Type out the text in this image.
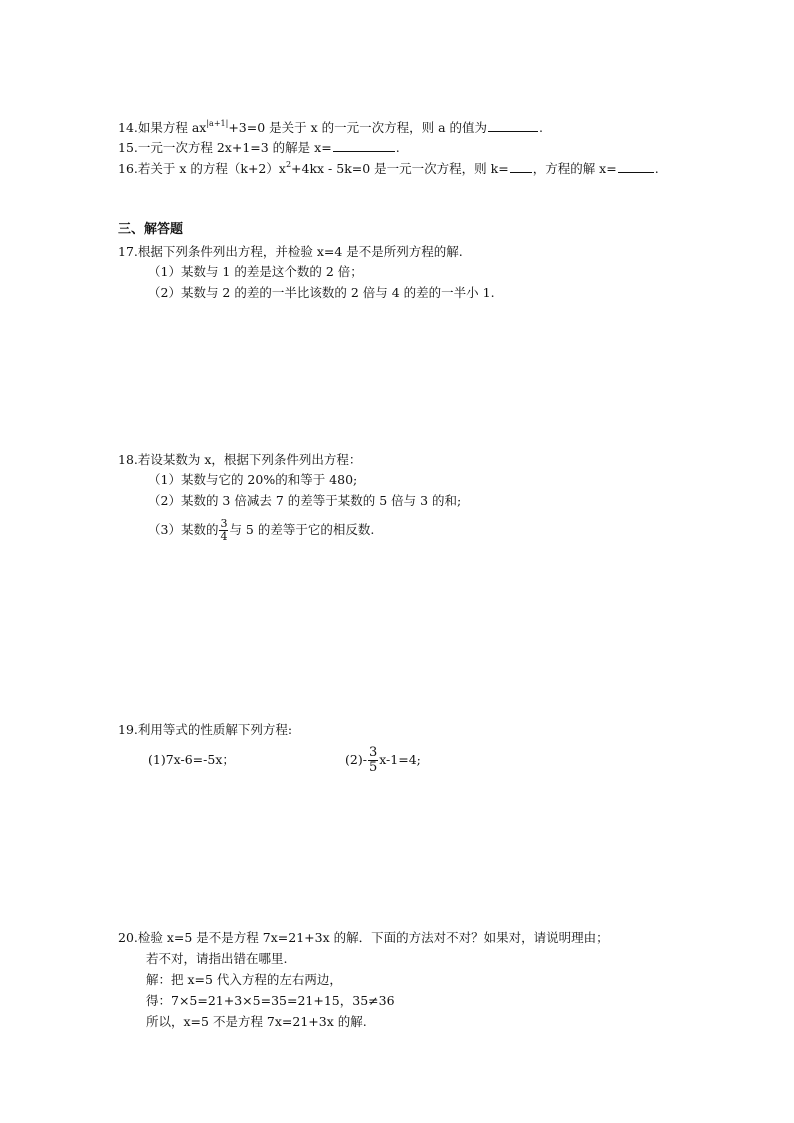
14.如果方程 $ax^{|a+1|}+3=0$ 是关于 x 的一元一次方程，则 a 的值为	.
15.一元一次方程 2x+1=3 的解是 x=	.
16.若关于 x 的方程$(k+2)x^2+4kx - 5k=0$ 是一元一次方程，则 k= ，方程的解 x=	.
三、解答题
17.根据下列条件列出方程，并检验 x=4 是不是所列方程的解.
（1）某数与 1 的差是这个数的 2 倍；
（2）某数与 2 的差的一半比该数的 2 倍与 4 的差的一半小 1.
18.若设某数为 x，根据下列条件列出方程：
（1）某数与它的 20%的和等于 480;
（2）某数的 3 倍减去 7 的差等于某数的 5 倍与 3 的和;
（3）某数的 $\frac{3}{4}$ 与 5 的差等于它的相反数.
19.利用等式的性质解下列方程:
(1)7x-6=-5x；	$(2)- \frac{3}{5} x-1=4$;
20.检验 x=5 是不是方程 7x=21+3x 的解．下面的方法对不对？如果对，请说明理由；
若不对，请指出错在哪里.
解：把 x=5 代入方程的左右两边，
得：7×5=21+3×5=35=21+15，35≠36
所以，x=5 不是方程 7x=21+3x 的解.
